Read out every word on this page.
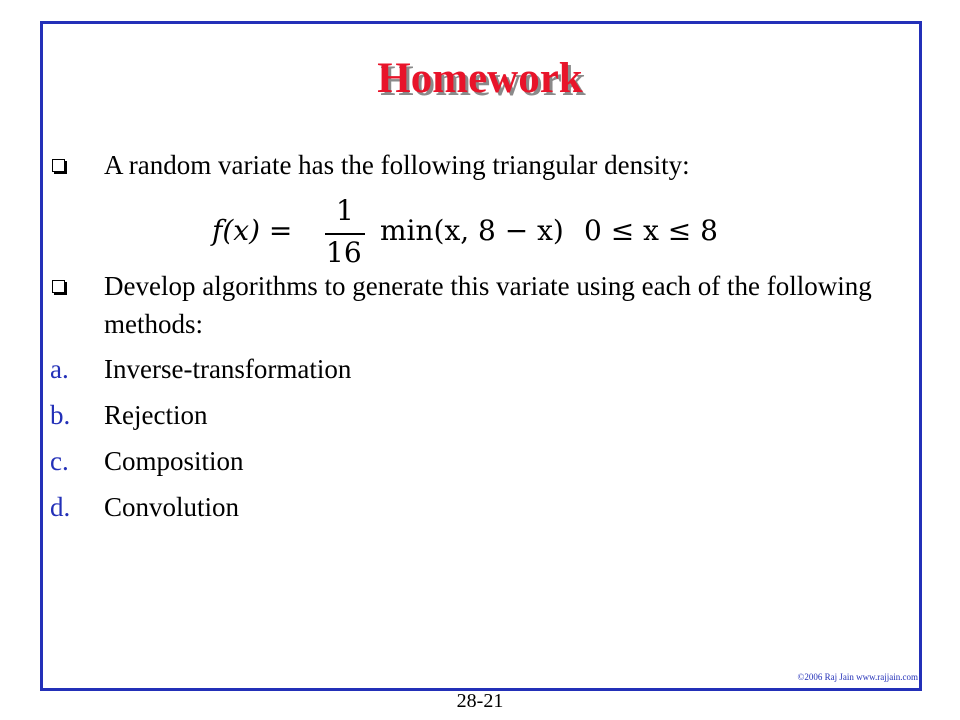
Homework
A random variate has the following triangular density:
f(x) =
1
16
min(x, 8 − x) 0 ≤ x ≤ 8
Develop algorithms to generate this variate using each of the following methods:
a. Inverse-transformation
b. Rejection
c. Composition
d. Convolution
©2006 Raj Jain www.rajjain.com
28-21
